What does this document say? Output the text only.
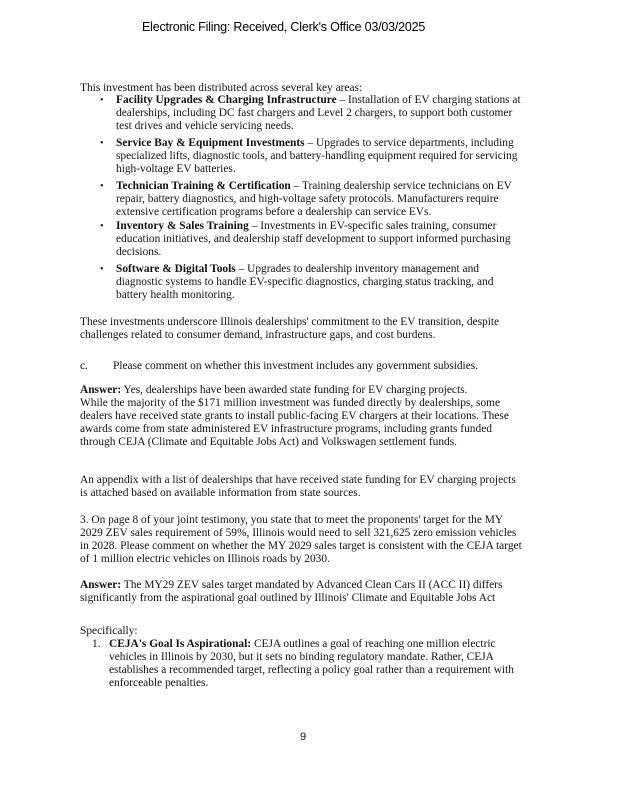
Electronic Filing: Received, Clerk's Office 03/03/2025
This investment has been distributed across several key areas:
• Facility Upgrades & Charging Infrastructure – Installation of EV charging stations at
dealerships, including DC fast chargers and Level 2 chargers, to support both customer
test drives and vehicle servicing needs.
• Service Bay & Equipment Investments – Upgrades to service departments, including
specialized lifts, diagnostic tools, and battery-handling equipment required for servicing
high-voltage EV batteries.
• Technician Training & Certification – Training dealership service technicians on EV
repair, battery diagnostics, and high-voltage safety protocols. Manufacturers require
extensive certification programs before a dealership can service EVs.
• Inventory & Sales Training – Investments in EV-specific sales training, consumer
education initiatives, and dealership staff development to support informed purchasing
decisions.
• Software & Digital Tools – Upgrades to dealership inventory management and
diagnostic systems to handle EV-specific diagnostics, charging status tracking, and
battery health monitoring.
These investments underscore Illinois dealerships' commitment to the EV transition, despite
challenges related to consumer demand, infrastructure gaps, and cost burdens.
c. Please comment on whether this investment includes any government subsidies.
Answer: Yes, dealerships have been awarded state funding for EV charging projects.
While the majority of the $171 million investment was funded directly by dealerships, some
dealers have received state grants to install public-facing EV chargers at their locations. These
awards come from state administered EV infrastructure programs, including grants funded
through CEJA (Climate and Equitable Jobs Act) and Volkswagen settlement funds.
An appendix with a list of dealerships that have received state funding for EV charging projects
is attached based on available information from state sources.
3. On page 8 of your joint testimony, you state that to meet the proponents' target for the MY
2029 ZEV sales requirement of 59%, Illinois would need to sell 321,625 zero emission vehicles
in 2028. Please comment on whether the MY 2029 sales target is consistent with the CEJA target
of 1 million electric vehicles on Illinois roads by 2030.
Answer: The MY29 ZEV sales target mandated by Advanced Clean Cars II (ACC II) differs
significantly from the aspirational goal outlined by Illinois' Climate and Equitable Jobs Act
Specifically:
1. CEJA's Goal Is Aspirational: CEJA outlines a goal of reaching one million electric
vehicles in Illinois by 2030, but it sets no binding regulatory mandate. Rather, CEJA
establishes a recommended target, reflecting a policy goal rather than a requirement with
enforceable penalties.
9
